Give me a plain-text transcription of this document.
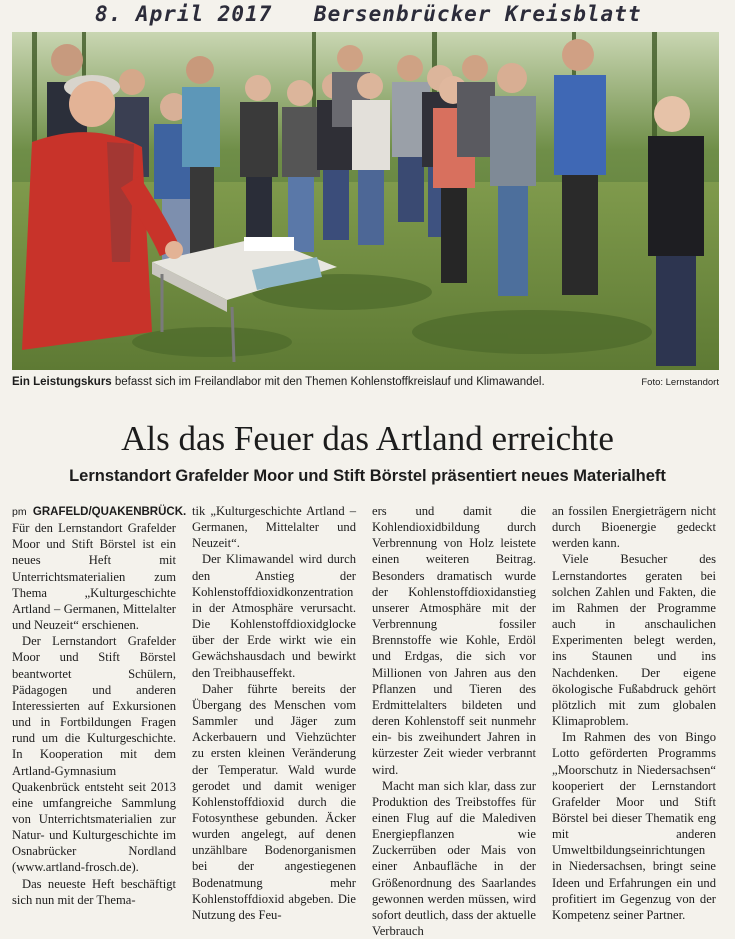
8. April 2017 Bersenbrücker Kreisblatt
Ein Leistungskurs befasst sich im Freilandlabor mit den Themen Kohlenstoffkreislauf und Klimawandel.	Foto: Lernstandort
Als das Feuer das Artland erreichte
Lernstandort Grafelder Moor und Stift Börstel präsentiert neues Materialheft

pm GRAFELD/QUAKENBRÜCK. Für den Lernstandort Grafelder Moor und Stift Börstel ist ein neues Heft mit Unterrichtsmaterialien zum Thema „Kulturgeschichte Artland – Germanen, Mittelalter und Neuzeit“ erschienen.

Der Lernstandort Grafelder Moor und Stift Börstel beantwortet Schülern, Pädagogen und anderen Interessierten auf Exkursionen und in Fortbildungen Fragen rund um die Kulturgeschichte. In Kooperation mit dem Artland-Gymnasium Quakenbrück entsteht seit 2013 eine umfangreiche Sammlung von Unterrichtsmaterialien zur Natur- und Kulturgeschichte im Osnabrücker Nordland (www.artland-frosch.de).

Das neueste Heft beschäftigt sich nun mit der Thema-

tik „Kulturgeschichte Artland – Germanen, Mittelalter und Neuzeit“.

Der Klimawandel wird durch den Anstieg der Kohlenstoffdioxidkonzentration in der Atmosphäre verursacht. Die Kohlenstoffdioxidglocke über der Erde wirkt wie ein Gewächshausdach und bewirkt den Treibhauseffekt.

Daher führte bereits der Übergang des Menschen vom Sammler und Jäger zum Ackerbauern und Viehzüchter zu ersten kleinen Veränderung der Temperatur. Wald wurde gerodet und damit weniger Kohlenstoffdioxid durch die Fotosynthese gebunden. Äcker wurden angelegt, auf denen unzählbare Bodenorganismen bei der angestiegenen Bodenatmung mehr Kohlenstoffdioxid abgeben. Die Nutzung des Feu-

ers und damit die Kohlendioxidbildung durch Verbrennung von Holz leistete einen weiteren Beitrag. Besonders dramatisch wurde der Kohlenstoffdioxidanstieg unserer Atmosphäre mit der Verbrennung fossiler Brennstoffe wie Kohle, Erdöl und Erdgas, die sich vor Millionen von Jahren aus den Pflanzen und Tieren des Erdmittelalters bildeten und deren Kohlenstoff seit nunmehr ein- bis zweihundert Jahren in kürzester Zeit wieder verbrannt wird.

Macht man sich klar, dass zur Produktion des Treibstoffes für einen Flug auf die Malediven Energiepflanzen wie Zuckerrüben oder Mais von einer Anbaufläche in der Größenordnung des Saarlandes gewonnen werden müssen, wird sofort deutlich, dass der aktuelle Verbrauch

an fossilen Energieträgern nicht durch Bioenergie gedeckt werden kann.

Viele Besucher des Lernstandortes geraten bei solchen Zahlen und Fakten, die im Rahmen der Programme auch in anschaulichen Experimenten belegt werden, ins Staunen und ins Nachdenken. Der eigene ökologische Fußabdruck gehört plötzlich mit zum globalen Klimaproblem.

Im Rahmen des von Bingo Lotto geförderten Programms „Moorschutz in Niedersachsen“ kooperiert der Lernstandort Grafelder Moor und Stift Börstel bei dieser Thematik eng mit anderen Umweltbildungseinrichtungen in Niedersachsen, bringt seine Ideen und Erfahrungen ein und profitiert im Gegenzug von der Kompetenz seiner Partner.
